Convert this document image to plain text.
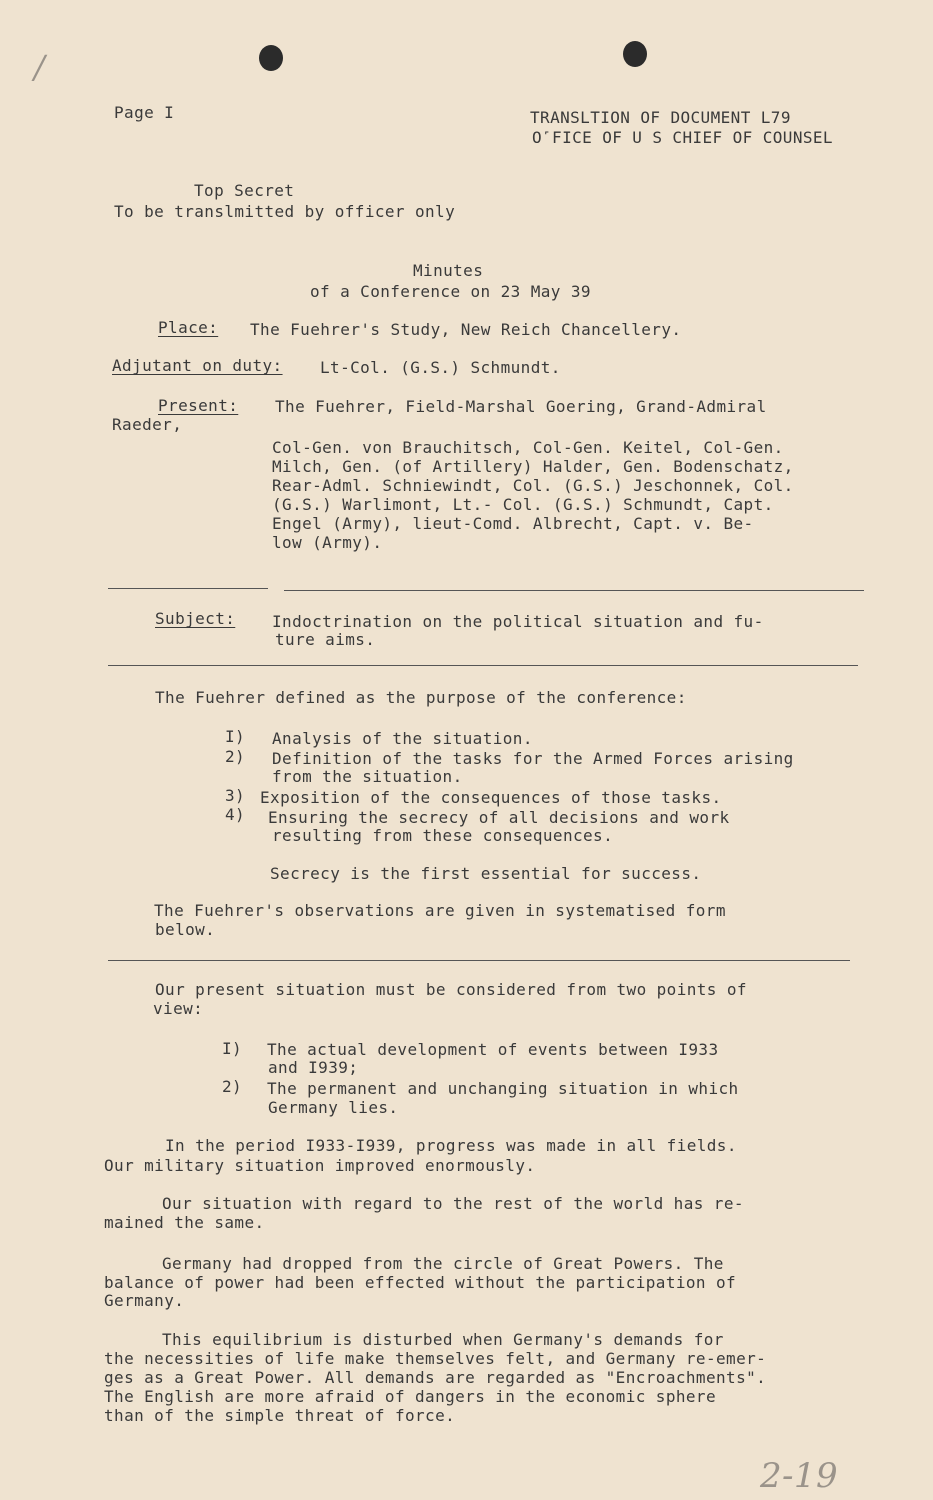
/

Page I	TRANSLTION OF DOCUMENT L79

O˹FICE OF U S CHIEF OF COUNSEL

Top Secret

To be translmitted by officer only

Minutes

of a Conference on 23 May 39

Place: The Fuehrer's Study, New Reich Chancellery.

Adjutant on duty: Lt-Col. (G.S.) Schmundt.

Present: The Fuehrer, Field-Marshal Goering, Grand-Admiral

Raeder,

Col-Gen. von Brauchitsch, Col-Gen. Keitel, Col-Gen.

Milch, Gen. (of Artillery) Halder, Gen. Bodenschatz,

Rear-Adml. Schniewindt, Col. (G.S.) Jeschonnek, Col.

(G.S.) Warlimont, Lt.- Col. (G.S.) Schmundt, Capt.

Engel (Army), lieut-Comd. Albrecht, Capt. v. Be-

low (Army).

Subject: Indoctrination on the political situation and fu-

ture aims.

The Fuehrer defined as the purpose of the conference:

I) Analysis of the situation.

2) Definition of the tasks for the Armed Forces arising

from the situation.

3) Exposition of the consequences of those tasks.

4) Ensuring the secrecy of all decisions and work

resulting from these consequences.

Secrecy is the first essential for success.

The Fuehrer's observations are given in systematised form

below.

Our present situation must be considered from two points of

view:

I) The actual development of events between I933

and I939;

2) The permanent and unchanging situation in which

Germany lies.

In the period I933-I939, progress was made in all fields.

Our military situation improved enormously.

Our situation with regard to the rest of the world has re-

mained the same.

Germany had dropped from the circle of Great Powers. The

balance of power had been effected without the participation of

Germany.

This equilibrium is disturbed when Germany's demands for

the necessities of life make themselves felt, and Germany re-emer-

ges as a Great Power. All demands are regarded as "Encroachments".

The English are more afraid of dangers in the economic sphere

than of the simple threat of force.

2-19
